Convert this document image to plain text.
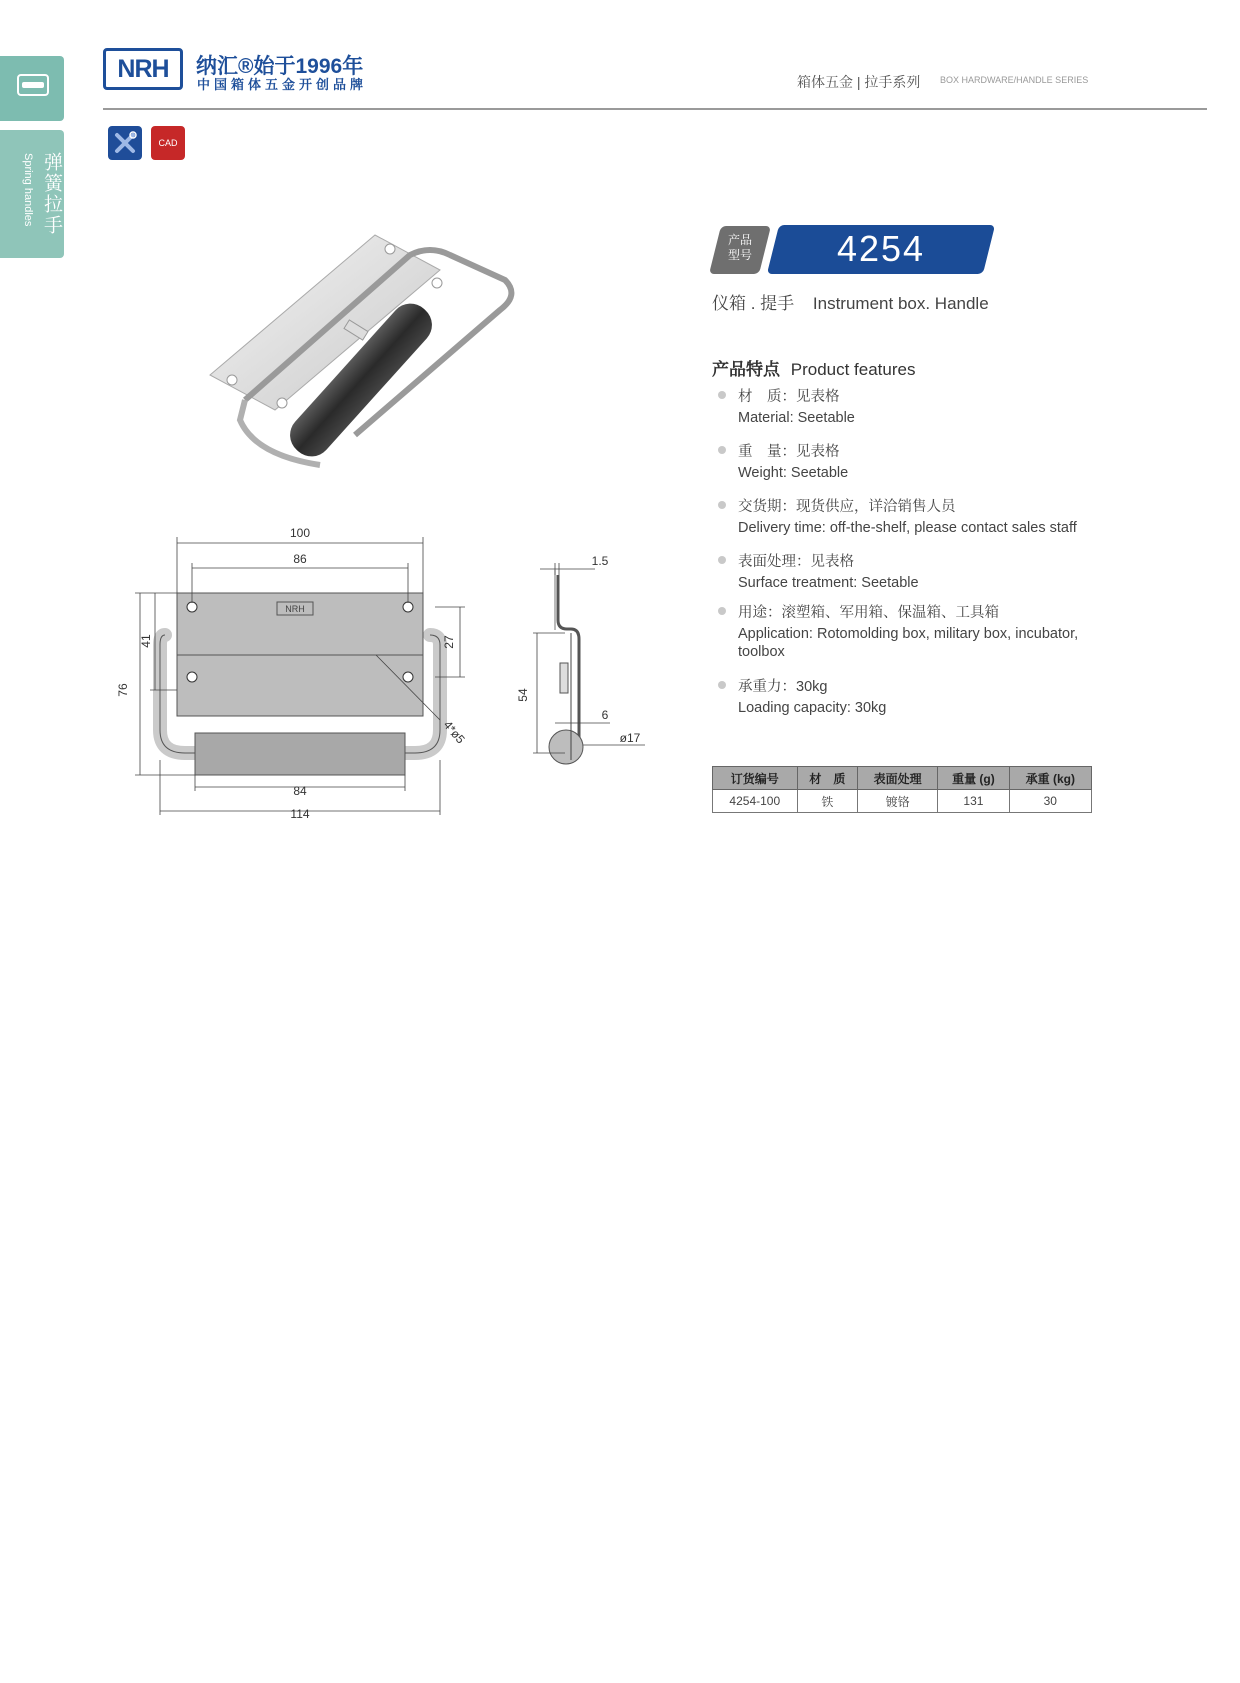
弹簧拉手
Spring handles
NRH	纳汇®始于1996年
中国箱体五金开创品牌	箱体五金 | 拉手系列 BOX HARDWARE/HANDLE SERIES
CAD
NRH
100
86
76
41	27
4*ø5
84
114
1.5
54
6
ø17
产品型号	4254
仪箱 . 提手 Instrument box. Handle
产品特点 Product features
材　质：见表格
Material: Seetable
重　量：见表格
Weight: Seetable
交货期：现货供应，详洽销售人员
Delivery time: off-the-shelf, please contact sales staff
表面处理：见表格
Surface treatment: Seetable
用途：滚塑箱、军用箱、保温箱、工具箱
Application: Rotomolding box, military box, incubator, toolbox
承重力：30kg
Loading capacity: 30kg
订货编号	材　质	表面处理	重量 (g)	承重 (kg)
4254-100	铁	镀铬	131	30
